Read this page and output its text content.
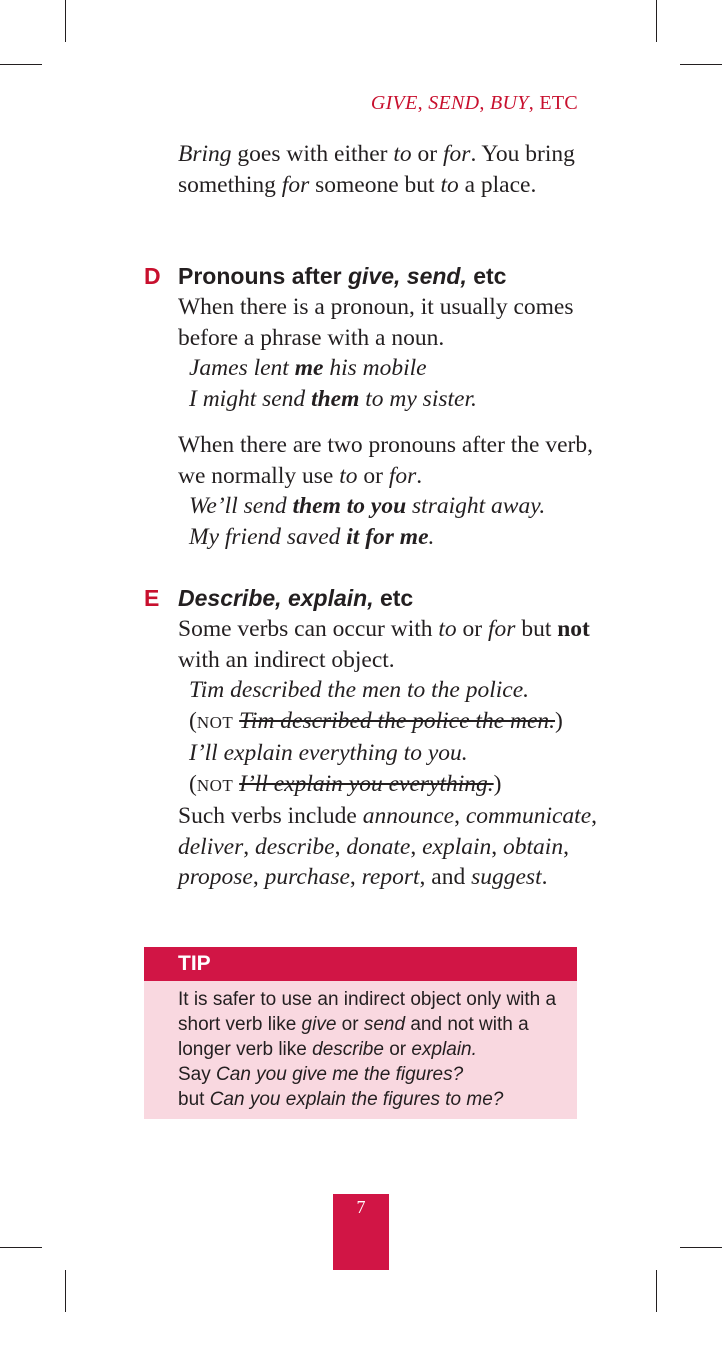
GIVE, SEND, BUY, ETC
Bring goes with either to or for. You bring something for someone but to a place.
D Pronouns after give, send, etc
When there is a pronoun, it usually comes before a phrase with a noun.
James lent me his mobile
I might send them to my sister.
When there are two pronouns after the verb, we normally use to or for.
We’ll send them to you straight away.
My friend saved it for me.
E Describe, explain, etc
Some verbs can occur with to or for but not with an indirect object.
Tim described the men to the police.
(NOT Tim described the police the men.)
I’ll explain everything to you.
(NOT I’ll explain you everything.)
Such verbs include announce, communicate, deliver, describe, donate, explain, obtain, propose, purchase, report, and suggest.
TIP
It is safer to use an indirect object only with a short verb like give or send and not with a longer verb like describe or explain.
Say Can you give me the figures?
but Can you explain the figures to me?
7
